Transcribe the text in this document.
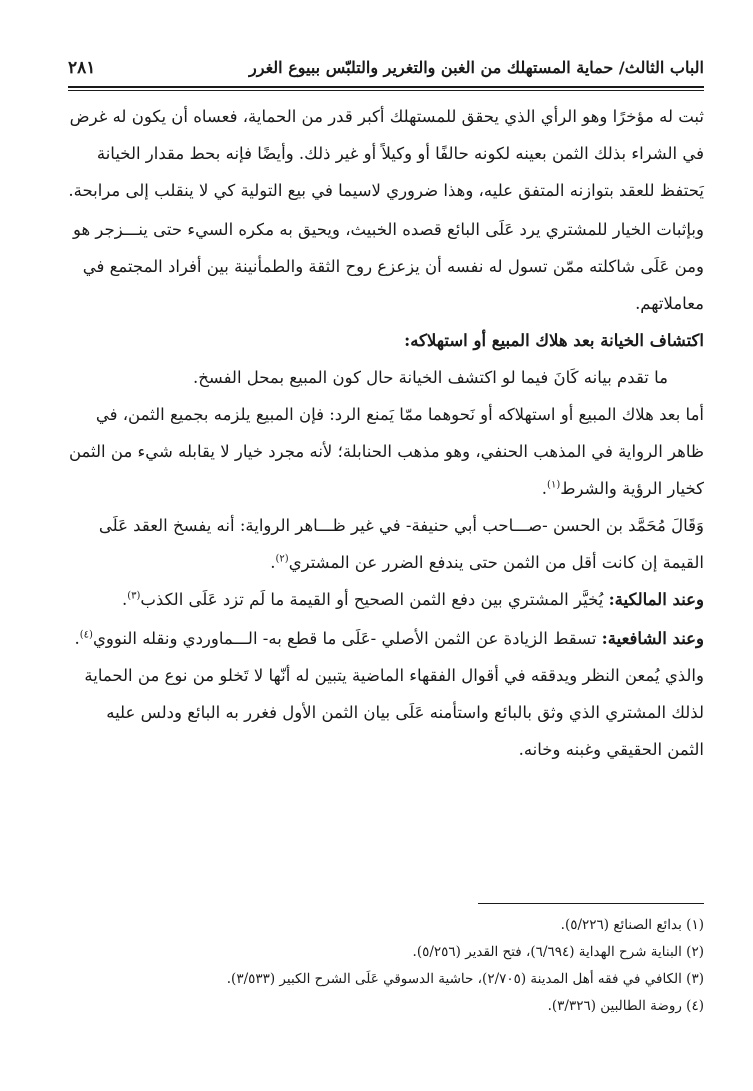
الباب الثالث/ حماية المستهلك من الغبن والتغرير والتلبّس ببيوع الغرر
٢٨١

ثبت له مؤخرًا وهو الرأي الذي يحقق للمستهلك أكبر قدر من الحماية، فعساه أن يكون له غرض في الشراء بذلك الثمن بعينه لكونه حالفًا أو وكيلاً أو غير ذلك. وأيضًا فإنه بحط مقدار الخيانة يَحتفظ للعقد بتوازنه المتفق عليه، وهذا ضروري لاسيما في بيع التولية كي لا ينقلب إلى مرابحة.

وبإثبات الخيار للمشتري يرد عَلَى البائع قصده الخبيث، ويحيق به مكره السيء حتى ينـــزجر هو ومن عَلَى شاكلته ممّن تسول له نفسه أن يزعزع روح الثقة والطمأنينة بين أفراد المجتمع في معاملاتهم.

اكتشاف الخيانة بعد هلاك المبيع أو استهلاكه:

ما تقدم بيانه كَانَ فيما لو اكتشف الخيانة حال كون المبيع بمحل الفسخ.

أما بعد هلاك المبيع أو استهلاكه أو نَحوهما ممّا يَمنع الرد: فإن المبيع يلزمه بجميع الثمن، في ظاهر الرواية في المذهب الحنفي، وهو مذهب الحنابلة؛ لأنه مجرد خيار لا يقابله شيء من الثمن كخيار الرؤية والشرط$^{(١)}$.

وَقَالَ مُحَمَّد بن الحسن -صـــاحب أبي حنيفة- في غير ظـــاهر الرواية: أنه يفسخ العقد عَلَى القيمة إن كانت أقل من الثمن حتى يندفع الضرر عن المشتري$^{(٢)}$.

وعند المالكية: يُخيَّر المشتري بين دفع الثمن الصحيح أو القيمة ما لَم تزد عَلَى الكذب$^{(٣)}$.

وعند الشافعية: تسقط الزيادة عن الثمن الأصلي -عَلَى ما قطع به- الـــماوردي ونقله النووي$^{(٤)}$.

والذي يُمعن النظر ويدققه في أقوال الفقهاء الماضية يتبين له أنّها لا تَخلو من نوع من الحماية لذلك المشتري الذي وثق بالبائع واستأمنه عَلَى بيان الثمن الأول فغرر به البائع ودلس عليه الثمن الحقيقي وغبنه وخانه.

(١) بدائع الصنائع (٥/٢٢٦).

(٢) البناية شرح الهداية (٦/٦٩٤)، فتح القدير (٥/٢٥٦).

(٣) الكافي في فقه أهل المدينة (٢/٧٠٥)، حاشية الدسوقي عَلَى الشرح الكبير (٣/٥٣٣).

(٤) روضة الطالبين (٣/٣٢٦).
